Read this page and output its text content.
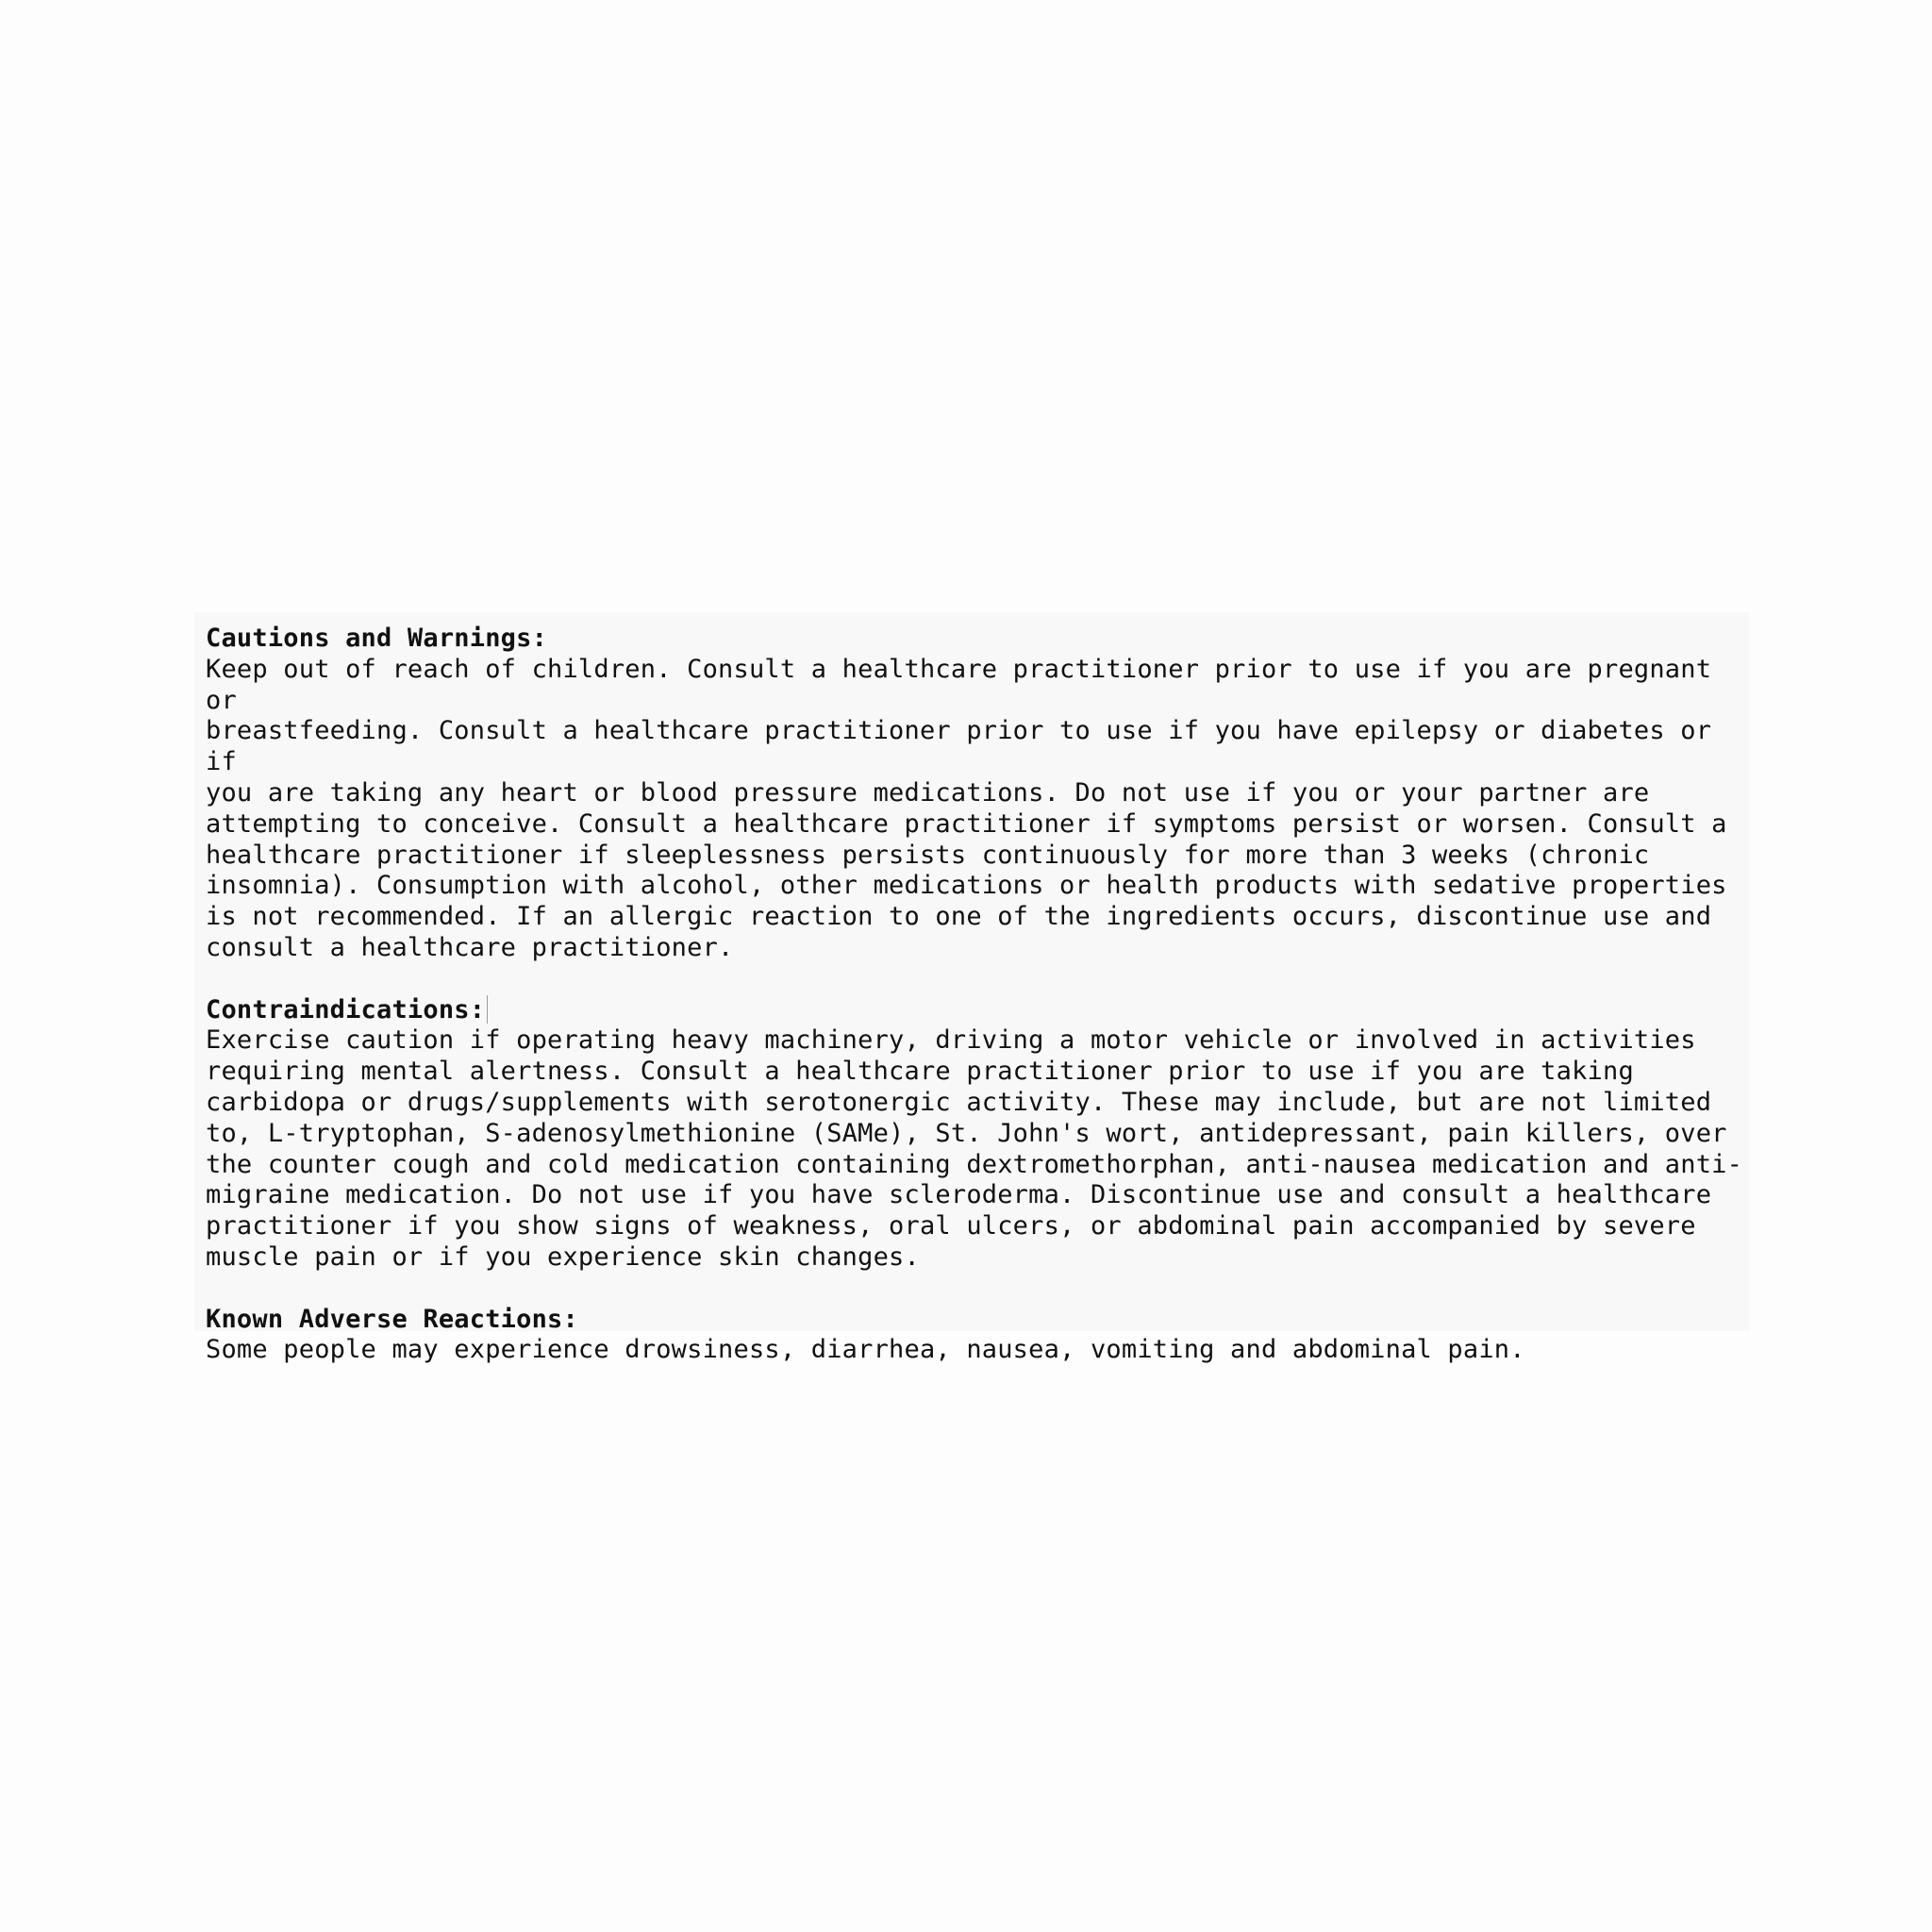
Cautions and Warnings:

Keep out of reach of children. Consult a healthcare practitioner prior to use if you are pregnant or
breastfeeding. Consult a healthcare practitioner prior to use if you have epilepsy or diabetes or if
you are taking any heart or blood pressure medications. Do not use if you or your partner are
attempting to conceive. Consult a healthcare practitioner if symptoms persist or worsen. Consult a
healthcare practitioner if sleeplessness persists continuously for more than 3 weeks (chronic
insomnia). Consumption with alcohol, other medications or health products with sedative properties
is not recommended. If an allergic reaction to one of the ingredients occurs, discontinue use and
consult a healthcare practitioner.

Contraindications:

Exercise caution if operating heavy machinery, driving a motor vehicle or involved in activities
requiring mental alertness. Consult a healthcare practitioner prior to use if you are taking
carbidopa or drugs/supplements with serotonergic activity. These may include, but are not limited
to, L-tryptophan, S-adenosylmethionine (SAMe), St. John's wort, antidepressant, pain killers, over
the counter cough and cold medication containing dextromethorphan, anti-nausea medication and anti-
migraine medication. Do not use if you have scleroderma. Discontinue use and consult a healthcare
practitioner if you show signs of weakness, oral ulcers, or abdominal pain accompanied by severe
muscle pain or if you experience skin changes.

Known Adverse Reactions:

Some people may experience drowsiness, diarrhea, nausea, vomiting and abdominal pain.
